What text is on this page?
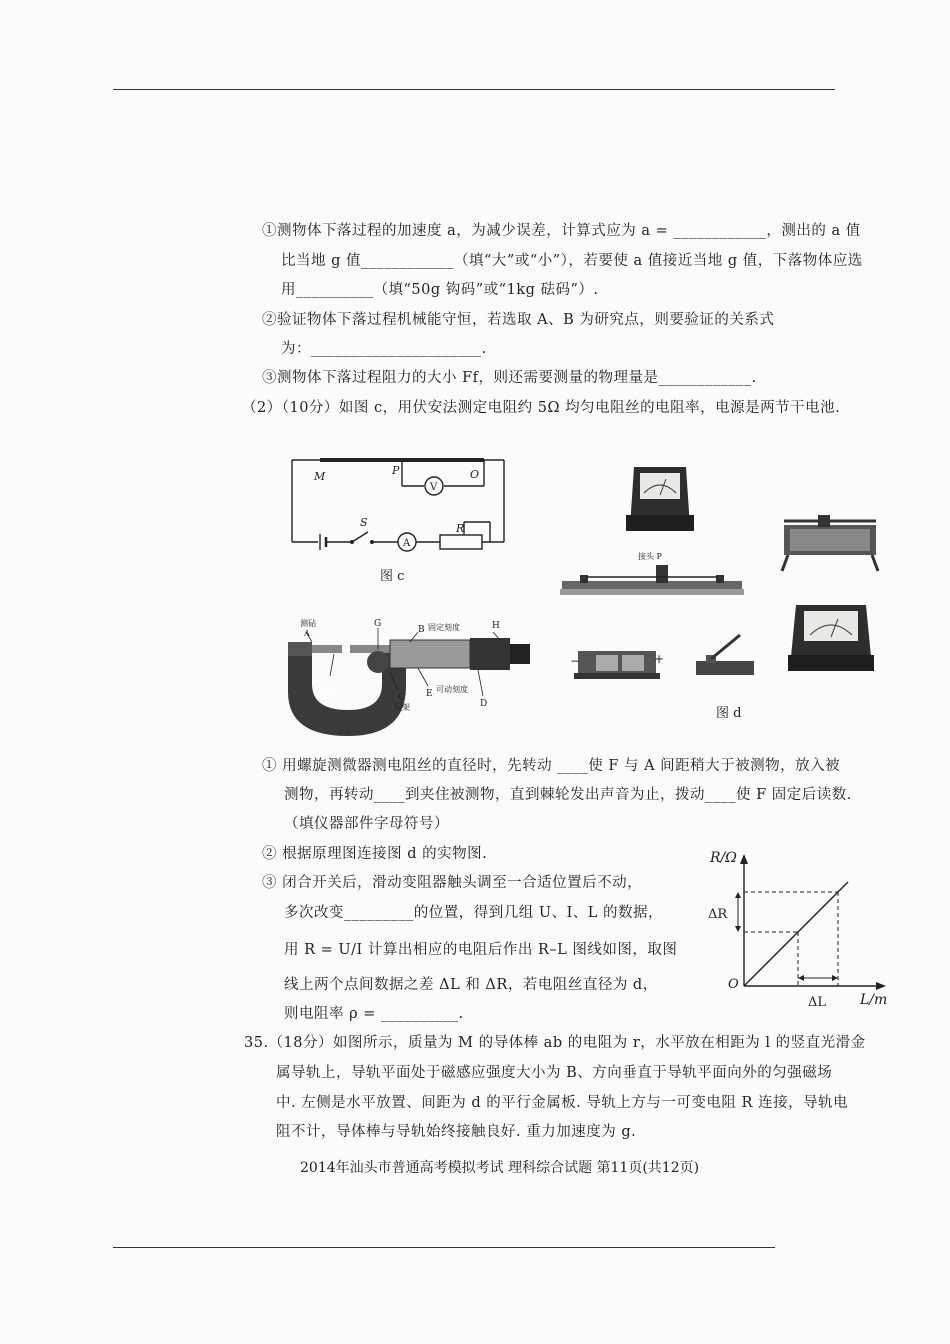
①测物体下落过程的加速度 a，为减少误差，计算式应为 a = ____________，测出的 a 值
比当地 g 值____________（填“大”或“小”），若要使 a 值接近当地 g 值，下落物体应选
用__________（填“50g 钩码”或“1kg 砝码”）.
②验证物体下落过程机械能守恒，若选取 A、B 为研究点，则要验证的关系式
为：______________________.
③测物体下落过程阻力的大小 Ff，则还需要测量的物理量是____________.
（2）（10分）如图 c，用伏安法测定电阻约 5Ω 均匀电阻丝的电阻率，电源是两节干电池.
M	P	O
V
S
A
R
图 c
测砧
A
G
B 固定刻度	H
F
测微螺杆	C
尺架
E 可动刻度
D
接头 P
−	+
图 d
① 用螺旋测微器测电阻丝的直径时，先转动 ____使 F 与 A 间距稍大于被测物，放入被
测物，再转动____到夹住被测物，直到棘轮发出声音为止，拨动____使 F 固定后读数.
（填仪器部件字母符号）
② 根据原理图连接图 d 的实物图.
③ 闭合开关后，滑动变阻器触头调至一合适位置后不动，
多次改变_________的位置，得到几组 U、I、L 的数据，
用 R = U/I 计算出相应的电阻后作出 R–L 图线如图，取图
线上两个点间数据之差 ΔL 和 ΔR，若电阻丝直径为 d，
则电阻率 ρ = __________.
R/Ω
L/m
O
ΔR
ΔL
35.（18分）如图所示，质量为 M 的导体棒 ab 的电阻为 r，水平放在相距为 l 的竖直光滑金
属导轨上，导轨平面处于磁感应强度大小为 B、方向垂直于导轨平面向外的匀强磁场
中. 左侧是水平放置、间距为 d 的平行金属板. 导轨上方与一可变电阻 R 连接，导轨电
阻不计，导体棒与导轨始终接触良好. 重力加速度为 g.
2014年汕头市普通高考模拟考试 理科综合试题 第11页(共12页)
